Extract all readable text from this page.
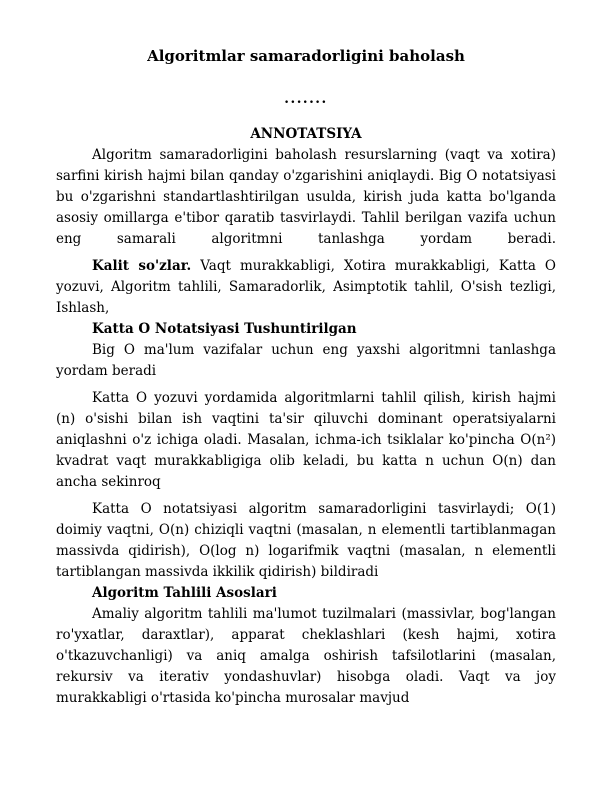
Algoritmlar samaradorligini baholash

.......

ANNOTATSIYA

Algoritm samaradorligini baholash resurslarning (vaqt va xotira) sarfini kirish hajmi bilan qanday o'zgarishini aniqlaydi. Big O notatsiyasi bu o'zgarishni standartlashtirilgan usulda, kirish juda katta bo'lganda asosiy omillarga e'tibor qaratib tasvirlaydi. Tahlil berilgan vazifa uchun eng samarali algoritmni tanlashga yordam beradi.

Kalit so'zlar. Vaqt murakkabligi, Xotira murakkabligi, Katta O yozuvi, Algoritm tahlili, Samaradorlik, Asimptotik tahlil, O'sish tezligi, Ishlash,

Katta O Notatsiyasi Tushuntirilgan

Big O ma'lum vazifalar uchun eng yaxshi algoritmni tanlashga yordam beradi

Katta O yozuvi yordamida algoritmlarni tahlil qilish, kirish hajmi (n) o'sishi bilan ish vaqtini ta'sir qiluvchi dominant operatsiyalarni aniqlashni o'z ichiga oladi. Masalan, ichma-ich tsiklalar ko'pincha O(n²) kvadrat vaqt murakkabligiga olib keladi, bu katta n uchun O(n) dan ancha sekinroq

Katta O notatsiyasi algoritm samaradorligini tasvirlaydi; O(1) doimiy vaqtni, O(n) chiziqli vaqtni (masalan, n elementli tartiblanmagan massivda qidirish), O(log n) logarifmik vaqtni (masalan, n elementli tartiblangan massivda ikkilik qidirish) bildiradi

Algoritm Tahlili Asoslari

Amaliy algoritm tahlili ma'lumot tuzilmalari (massivlar, bog'langan ro'yxatlar, daraxtlar), apparat cheklashlari (kesh hajmi, xotira o'tkazuvchanligi) va aniq amalga oshirish tafsilotlarini (masalan, rekursiv va iterativ yondashuvlar) hisobga oladi. Vaqt va joy murakkabligi o'rtasida ko'pincha murosalar mavjud
